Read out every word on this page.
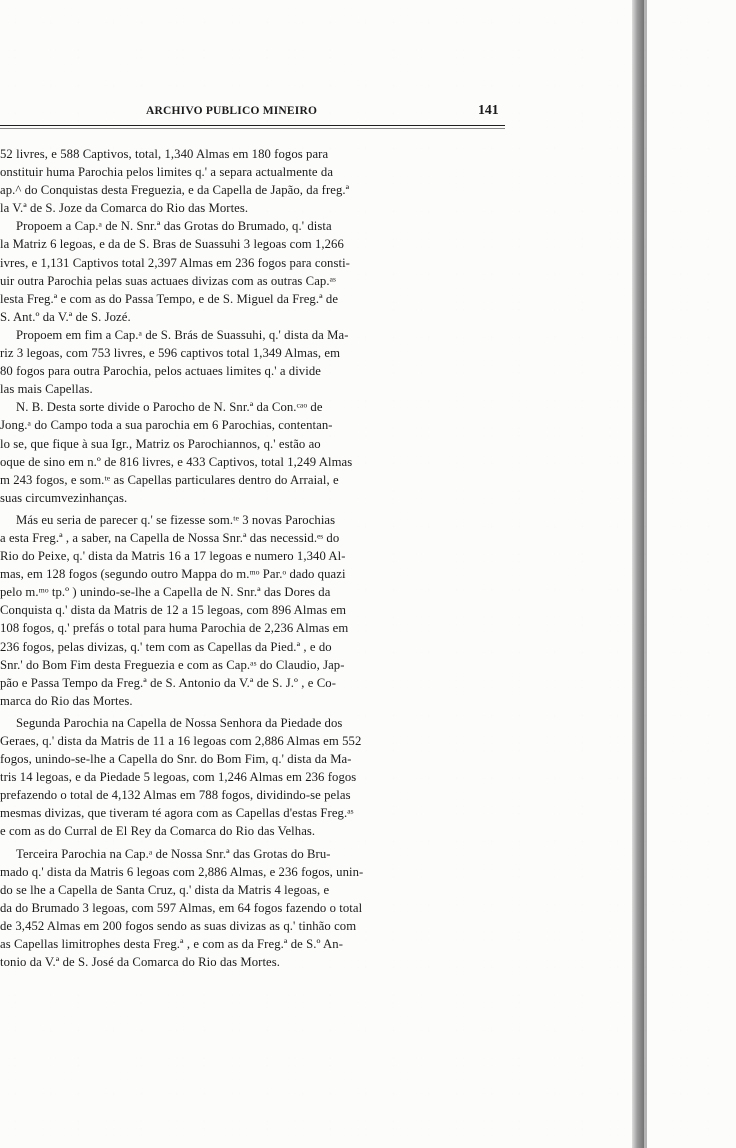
ARCHIVO PUBLICO MINEIRO	141
52 livres, e 588 Captivos, total, 1,340 Almas em 180 fogos para
onstituir huma Parochia pelos limites q.' a separa actualmente da
ap.^ do Conquistas desta Freguezia, e da Capella de Japão, da freg.ª
la V.ª de S. Joze da Comarca do Rio das Mortes.
Propoem a Cap.ᵃ de N. Snr.ª das Grotas do Brumado, q.' dista
la Matriz 6 legoas, e da de S. Bras de Suassuhi 3 legoas com 1,266
ivres, e 1,131 Captivos total 2,397 Almas em 236 fogos para consti-
uir outra Parochia pelas suas actuaes divizas com as outras Cap.ᵃˢ
lesta Freg.ª e com as do Passa Tempo, e de S. Miguel da Freg.ª de
S. Ant.º da V.ª de S. Jozé.
Propoem em fim a Cap.ᵃ de S. Brás de Suassuhi, q.' dista da Ma-
riz 3 legoas, com 753 livres, e 596 captivos total 1,349 Almas, em
80 fogos para outra Parochia, pelos actuaes limites q.' a divide
las mais Capellas.
N. B. Desta sorte divide o Parocho de N. Snr.ª da Con.ᶜᵃᵒ de
Jong.ᵃ do Campo toda a sua parochia em 6 Parochias, contentan-
lo se, que fique à sua Igr., Matriz os Parochiannos, q.' estão ao
oque de sino em n.º de 816 livres, e 433 Captivos, total 1,249 Almas
m 243 fogos, e som.ᵗᵉ as Capellas particulares dentro do Arraial, e
suas circumvezinhanças.
Más eu seria de parecer q.' se fizesse som.ᵗᵉ 3 novas Parochias
a esta Freg.ª , a saber, na Capella de Nossa Snr.ª das necessid.ᵉˢ do
Rio do Peixe, q.' dista da Matris 16 a 17 legoas e numero 1,340 Al-
mas, em 128 fogos (segundo outro Mappa do m.ᵐᵒ Par.ᵒ dado quazi
pelo m.ᵐᵒ tp.º ) unindo-se-lhe a Capella de N. Snr.ª das Dores da
Conquista q.' dista da Matris de 12 a 15 legoas, com 896 Almas em
108 fogos, q.' prefás o total para huma Parochia de 2,236 Almas em
236 fogos, pelas divizas, q.' tem com as Capellas da Pied.ª , e do
Snr.' do Bom Fim desta Freguezia e com as Cap.ᵃˢ do Claudio, Jap-
pão e Passa Tempo da Freg.ª de S. Antonio da V.ª de S. J.º , e Co-
marca do Rio das Mortes.
Segunda Parochia na Capella de Nossa Senhora da Piedade dos
Geraes, q.' dista da Matris de 11 a 16 legoas com 2,886 Almas em 552
fogos, unindo-se-lhe a Capella do Snr. do Bom Fim, q.' dista da Ma-
tris 14 legoas, e da Piedade 5 legoas, com 1,246 Almas em 236 fogos
prefazendo o total de 4,132 Almas em 788 fogos, dividindo-se pelas
mesmas divizas, que tiveram té agora com as Capellas d'estas Freg.ᵃˢ
e com as do Curral de El Rey da Comarca do Rio das Velhas.
Terceira Parochia na Cap.ᵃ de Nossa Snr.ª das Grotas do Bru-
mado q.' dista da Matris 6 legoas com 2,886 Almas, e 236 fogos, unin-
do se lhe a Capella de Santa Cruz, q.' dista da Matris 4 legoas, e
da do Brumado 3 legoas, com 597 Almas, em 64 fogos fazendo o total
de 3,452 Almas em 200 fogos sendo as suas divizas as q.' tinhão com
as Capellas limitrophes desta Freg.ª , e com as da Freg.ª de S.º An-
tonio da V.ª de S. José da Comarca do Rio das Mortes.
